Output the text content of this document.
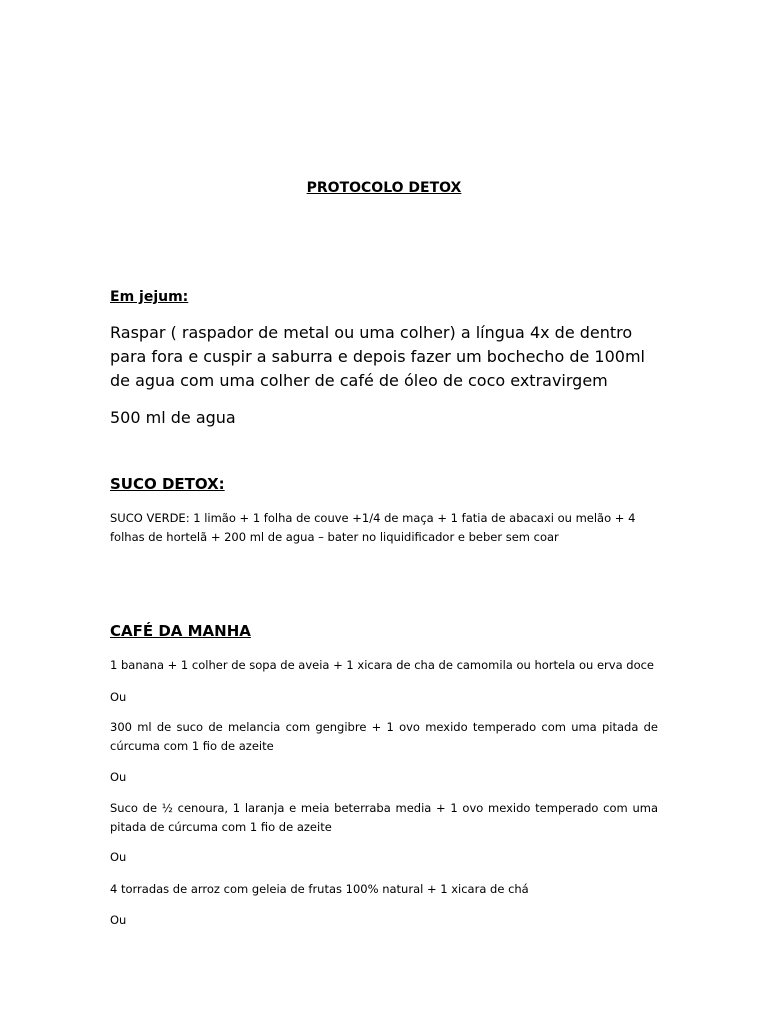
PROTOCOLO DETOX

Em jejum:

Raspar ( raspador de metal ou uma colher) a língua 4x de dentro para fora e cuspir a saburra e depois fazer um bochecho de 100ml de agua com uma colher de café de óleo de coco extravirgem

500 ml de agua

SUCO DETOX:

SUCO VERDE: 1 limão + 1 folha de couve +1/4 de maça + 1 fatia de abacaxi ou melão + 4 folhas de hortelã + 200 ml de agua – bater no liquidificador e beber sem coar

CAFÉ DA MANHA

1 banana + 1 colher de sopa de aveia + 1 xicara de cha de camomila ou hortela ou erva doce

Ou

300 ml de suco de melancia com gengibre + 1 ovo mexido temperado com uma pitada de cúrcuma com 1 fio de azeite

Ou

Suco de ½ cenoura, 1 laranja e meia beterraba media + 1 ovo mexido temperado com uma pitada de cúrcuma com 1 fio de azeite

Ou

4 torradas de arroz com geleia de frutas 100% natural + 1 xicara de chá

Ou
